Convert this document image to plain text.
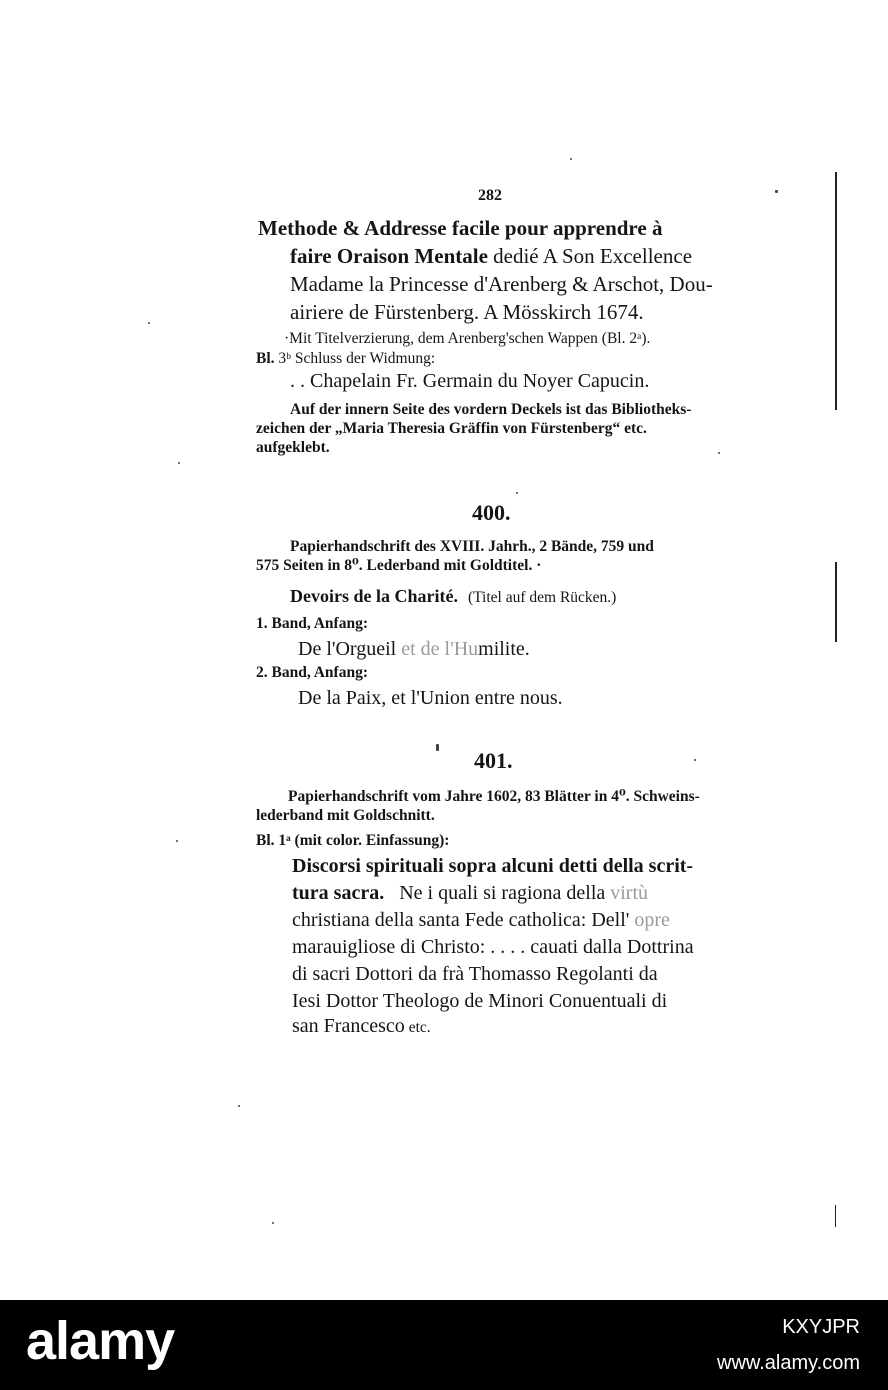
282
Methode & Addresse facile pour apprendre à
faire Oraison Mentale dedié A Son Excellence
Madame la Princesse d'Arenberg & Arschot, Dou-
airiere de Fürstenberg. A Mösskirch 1674.
·Mit Titelverzierung, dem Arenberg'schen Wappen (Bl. 2ᵃ).
Bl. 3ᵇ Schluss der Widmung:
. . Chapelain Fr. Germain du Noyer Capucin.
Auf der innern Seite des vordern Deckels ist das Bibliotheks-
zeichen der „Maria Theresia Gräffin von Fürstenberg“ etc.
aufgeklebt.
400.
Papierhandschrift des XVIII. Jahrh., 2 Bände, 759 und
575 Seiten in 8⁰. Lederband mit Goldtitel. ·
Devoirs de la Charité. (Titel auf dem Rücken.)
1. Band, Anfang:
De l'Orgueil et de l'Humilite.
2. Band, Anfang:
De la Paix, et l'Union entre nous.
401.
Papierhandschrift vom Jahre 1602, 83 Blätter in 4⁰. Schweins-
lederband mit Goldschnitt.
Bl. 1ᵃ (mit color. Einfassung):
Discorsi spirituali sopra alcuni detti della scrit-
tura sacra. Ne i quali si ragiona della virtù
christiana della santa Fede catholica: Dell' opre
marauigliose di Christo: . . . . cauati dalla Dottrina
di sacri Dottori da frà Thomasso Regolanti da
Iesi Dottor Theologo de Minori Conuentuali di
san Francesco etc.
alamy	KXYJPR
www.alamy.com
